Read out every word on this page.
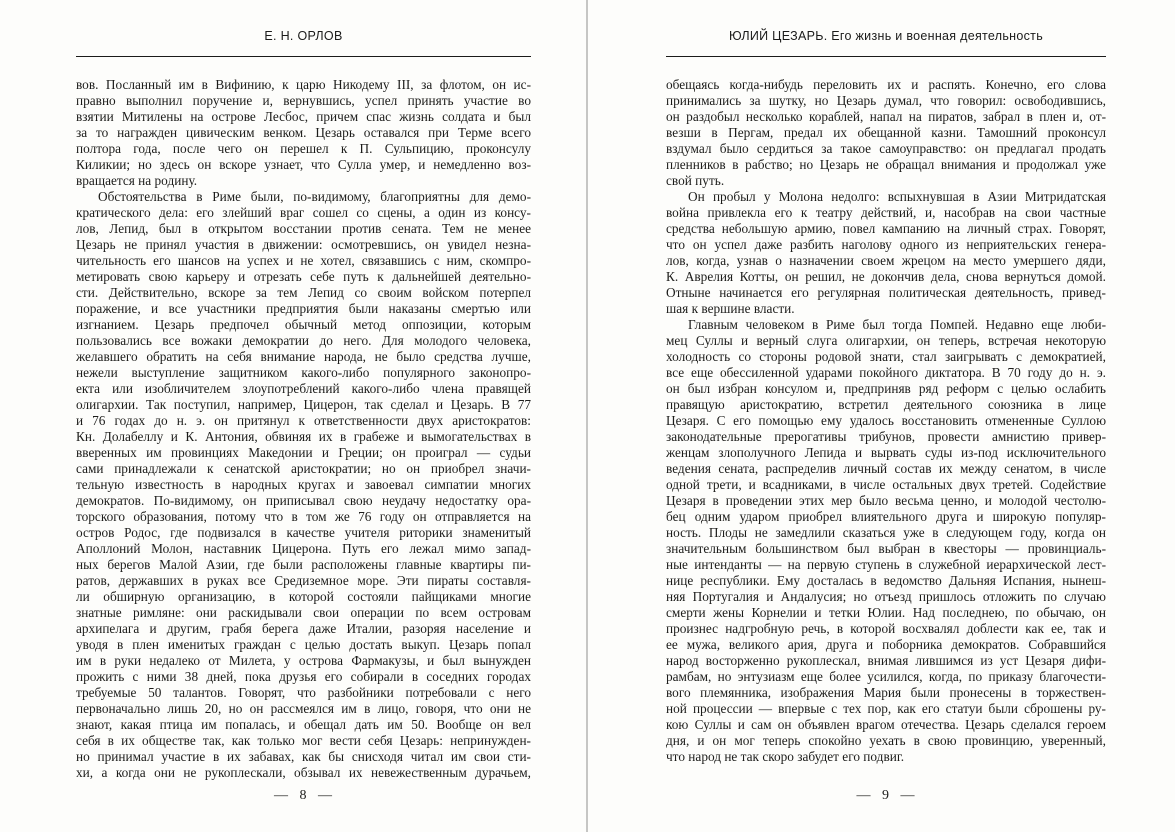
Е. Н. ОРЛОВ
вов. Посланный им в Вифинию, к царю Никодему III, за флотом, он ис-
правно выполнил поручение и, вернувшись, успел принять участие во
взятии Митилены на острове Лесбос, причем спас жизнь солдата и был
за то награжден цивическим венком. Цезарь оставался при Терме всего
полтора года, после чего он перешел к П. Сульпицию, проконсулу
Киликии; но здесь он вскоре узнает, что Сулла умер, и немедленно воз-
вращается на родину.
Обстоятельства в Риме были, по-видимому, благоприятны для демо-
кратического дела: его злейший враг сошел со сцены, а один из консу-
лов, Лепид, был в открытом восстании против сената. Тем не менее
Цезарь не принял участия в движении: осмотревшись, он увидел незна-
чительность его шансов на успех и не хотел, связавшись с ним, скомпро-
метировать свою карьеру и отрезать себе путь к дальнейшей деятельно-
сти. Действительно, вскоре за тем Лепид со своим войском потерпел
поражение, и все участники предприятия были наказаны смертью или
изгнанием. Цезарь предпочел обычный метод оппозиции, которым
пользовались все вожаки демократии до него. Для молодого человека,
желавшего обратить на себя внимание народа, не было средства лучше,
нежели выступление защитником какого-либо популярного законопро-
екта или изобличителем злоупотреблений какого-либо члена правящей
олигархии. Так поступил, например, Цицерон, так сделал и Цезарь. В 77
и 76 годах до н. э. он притянул к ответственности двух аристократов:
Кн. Долабеллу и К. Антония, обвиняя их в грабеже и вымогательствах в
вверенных им провинциях Македонии и Греции; он проиграл — судьи
сами принадлежали к сенатской аристократии; но он приобрел значи-
тельную известность в народных кругах и завоевал симпатии многих
демократов. По-видимому, он приписывал свою неудачу недостатку ора-
торского образования, потому что в том же 76 году он отправляется на
остров Родос, где подвизался в качестве учителя риторики знаменитый
Аполлоний Молон, наставник Цицерона. Путь его лежал мимо запад-
ных берегов Малой Азии, где были расположены главные квартиры пи-
ратов, державших в руках все Средиземное море. Эти пираты составля-
ли обширную организацию, в которой состояли пайщиками многие
знатные римляне: они раскидывали свои операции по всем островам
архипелага и другим, грабя берега даже Италии, разоряя население и
уводя в плен именитых граждан с целью достать выкуп. Цезарь попал
им в руки недалеко от Милета, у острова Фармакузы, и был вынужден
прожить с ними 38 дней, пока друзья его собирали в соседних городах
требуемые 50 талантов. Говорят, что разбойники потребовали с него
первоначально лишь 20, но он рассмеялся им в лицо, говоря, что они не
знают, какая птица им попалась, и обещал дать им 50. Вообще он вел
себя в их обществе так, как только мог вести себя Цезарь: непринужден-
но принимал участие в их забавах, как бы снисходя читал им свои сти-
хи, а когда они не рукоплескали, обзывал их невежественным дурачьем,
— 8 —
ЮЛИЙ ЦЕЗАРЬ. Его жизнь и военная деятельность
обещаясь когда-нибудь переловить их и распять. Конечно, его слова
принимались за шутку, но Цезарь думал, что говорил: освободившись,
он раздобыл несколько кораблей, напал на пиратов, забрал в плен и, от-
везши в Пергам, предал их обещанной казни. Тамошний проконсул
вздумал было сердиться за такое самоуправство: он предлагал продать
пленников в рабство; но Цезарь не обращал внимания и продолжал уже
свой путь.
Он пробыл у Молона недолго: вспыхнувшая в Азии Митридатская
война привлекла его к театру действий, и, насобрав на свои частные
средства небольшую армию, повел кампанию на личный страх. Говорят,
что он успел даже разбить наголову одного из неприятельских генера-
лов, когда, узнав о назначении своем жрецом на место умершего дяди,
К. Аврелия Котты, он решил, не докончив дела, снова вернуться домой.
Отныне начинается его регулярная политическая деятельность, привед-
шая к вершине власти.
Главным человеком в Риме был тогда Помпей. Недавно еще люби-
мец Суллы и верный слуга олигархии, он теперь, встречая некоторую
холодность со стороны родовой знати, стал заигрывать с демократией,
все еще обессиленной ударами покойного диктатора. В 70 году до н. э.
он был избран консулом и, предприняв ряд реформ с целью ослабить
правящую аристократию, встретил деятельного союзника в лице
Цезаря. С его помощью ему удалось восстановить отмененные Суллою
законодательные прерогативы трибунов, провести амнистию привер-
женцам злополучного Лепида и вырвать суды из-под исключительного
ведения сената, распределив личный состав их между сенатом, в числе
одной трети, и всадниками, в числе остальных двух третей. Содействие
Цезаря в проведении этих мер было весьма ценно, и молодой честолю-
бец одним ударом приобрел влиятельного друга и широкую популяр-
ность. Плоды не замедлили сказаться уже в следующем году, когда он
значительным большинством был выбран в квесторы — провинциаль-
ные интенданты — на первую ступень в служебной иерархической лест-
нице республики. Ему досталась в ведомство Дальняя Испания, нынеш-
няя Португалия и Андалусия; но отъезд пришлось отложить по случаю
смерти жены Корнелии и тетки Юлии. Над последнею, по обычаю, он
произнес надгробную речь, в которой восхвалял доблести как ее, так и
ее мужа, великого ария, друга и поборника демократов. Собравшийся
народ восторженно рукоплескал, внимая лившимся из уст Цезаря дифи-
рамбам, но энтузиазм еще более усилился, когда, по приказу благочести-
вого племянника, изображения Мария были пронесены в торжествен-
ной процессии — впервые с тех пор, как его статуи были сброшены ру-
кою Суллы и сам он объявлен врагом отечества. Цезарь сделался героем
дня, и он мог теперь спокойно уехать в свою провинцию, уверенный,
что народ не так скоро забудет его подвиг.
— 9 —
